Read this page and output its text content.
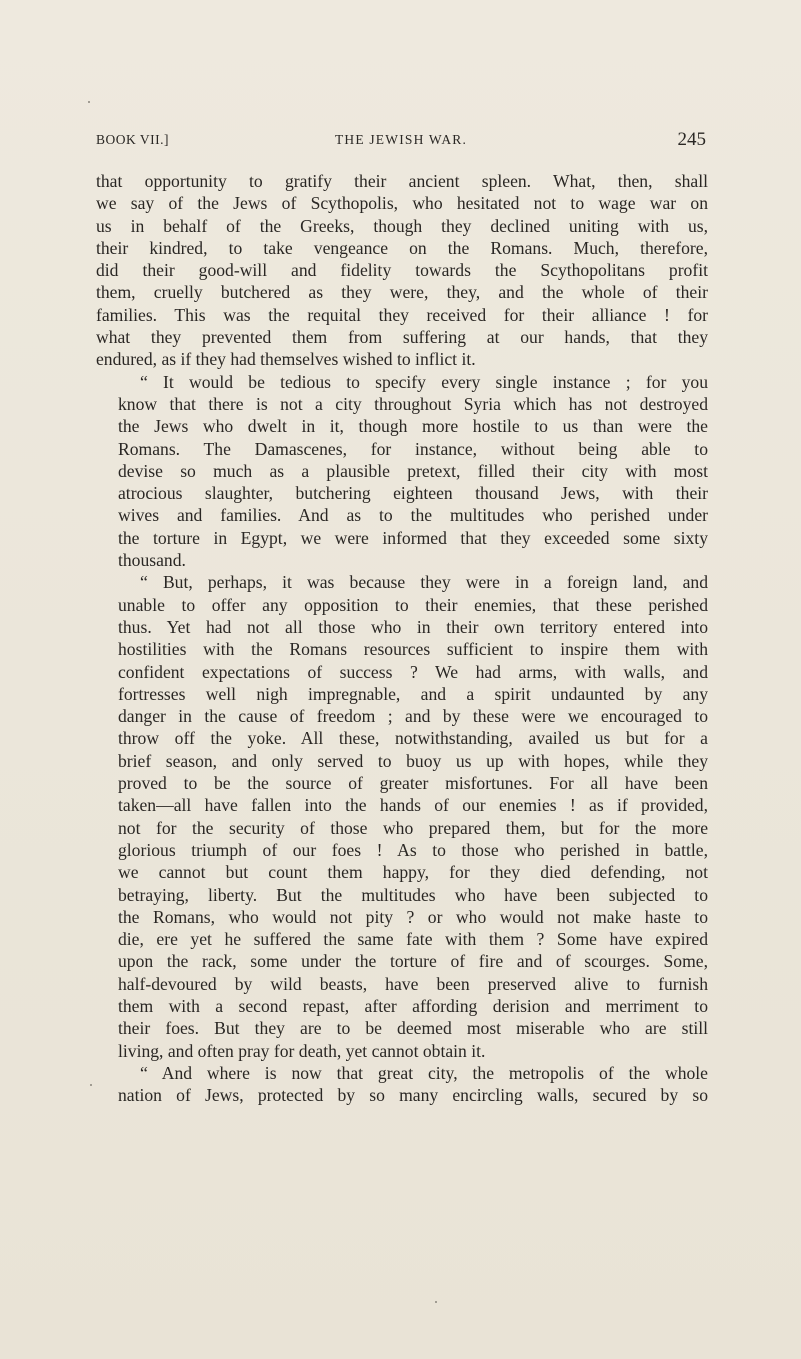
BOOK VII.]	THE JEWISH WAR.	245

that opportunity to gratify their ancient spleen. What, then, shall
we say of the Jews of Scythopolis, who hesitated not to wage war on
us in behalf of the Greeks, though they declined uniting with us,
their kindred, to take vengeance on the Romans. Much, therefore,
did their good-will and fidelity towards the Scythopolitans profit
them, cruelly butchered as they were, they, and the whole of their
families. This was the requital they received for their alliance ! for
what they prevented them from suffering at our hands, that they
endured, as if they had themselves wished to inflict it.

“ It would be tedious to specify every single instance ; for you
know that there is not a city throughout Syria which has not destroyed
the Jews who dwelt in it, though more hostile to us than were the
Romans. The Damascenes, for instance, without being able to
devise so much as a plausible pretext, filled their city with most
atrocious slaughter, butchering eighteen thousand Jews, with their
wives and families. And as to the multitudes who perished under
the torture in Egypt, we were informed that they exceeded some sixty
thousand.

“ But, perhaps, it was because they were in a foreign land, and
unable to offer any opposition to their enemies, that these perished
thus. Yet had not all those who in their own territory entered into
hostilities with the Romans resources sufficient to inspire them with
confident expectations of success ? We had arms, with walls, and
fortresses well nigh impregnable, and a spirit undaunted by any
danger in the cause of freedom ; and by these were we encouraged to
throw off the yoke. All these, notwithstanding, availed us but for a
brief season, and only served to buoy us up with hopes, while they
proved to be the source of greater misfortunes. For all have been
taken—all have fallen into the hands of our enemies ! as if provided,
not for the security of those who prepared them, but for the more
glorious triumph of our foes ! As to those who perished in battle,
we cannot but count them happy, for they died defending, not
betraying, liberty. But the multitudes who have been subjected to
the Romans, who would not pity ? or who would not make haste to
die, ere yet he suffered the same fate with them ? Some have expired
upon the rack, some under the torture of fire and of scourges. Some,
half-devoured by wild beasts, have been preserved alive to furnish
them with a second repast, after affording derision and merriment to
their foes. But they are to be deemed most miserable who are still
living, and often pray for death, yet cannot obtain it.

“ And where is now that great city, the metropolis of the whole
nation of Jews, protected by so many encircling walls, secured by so
